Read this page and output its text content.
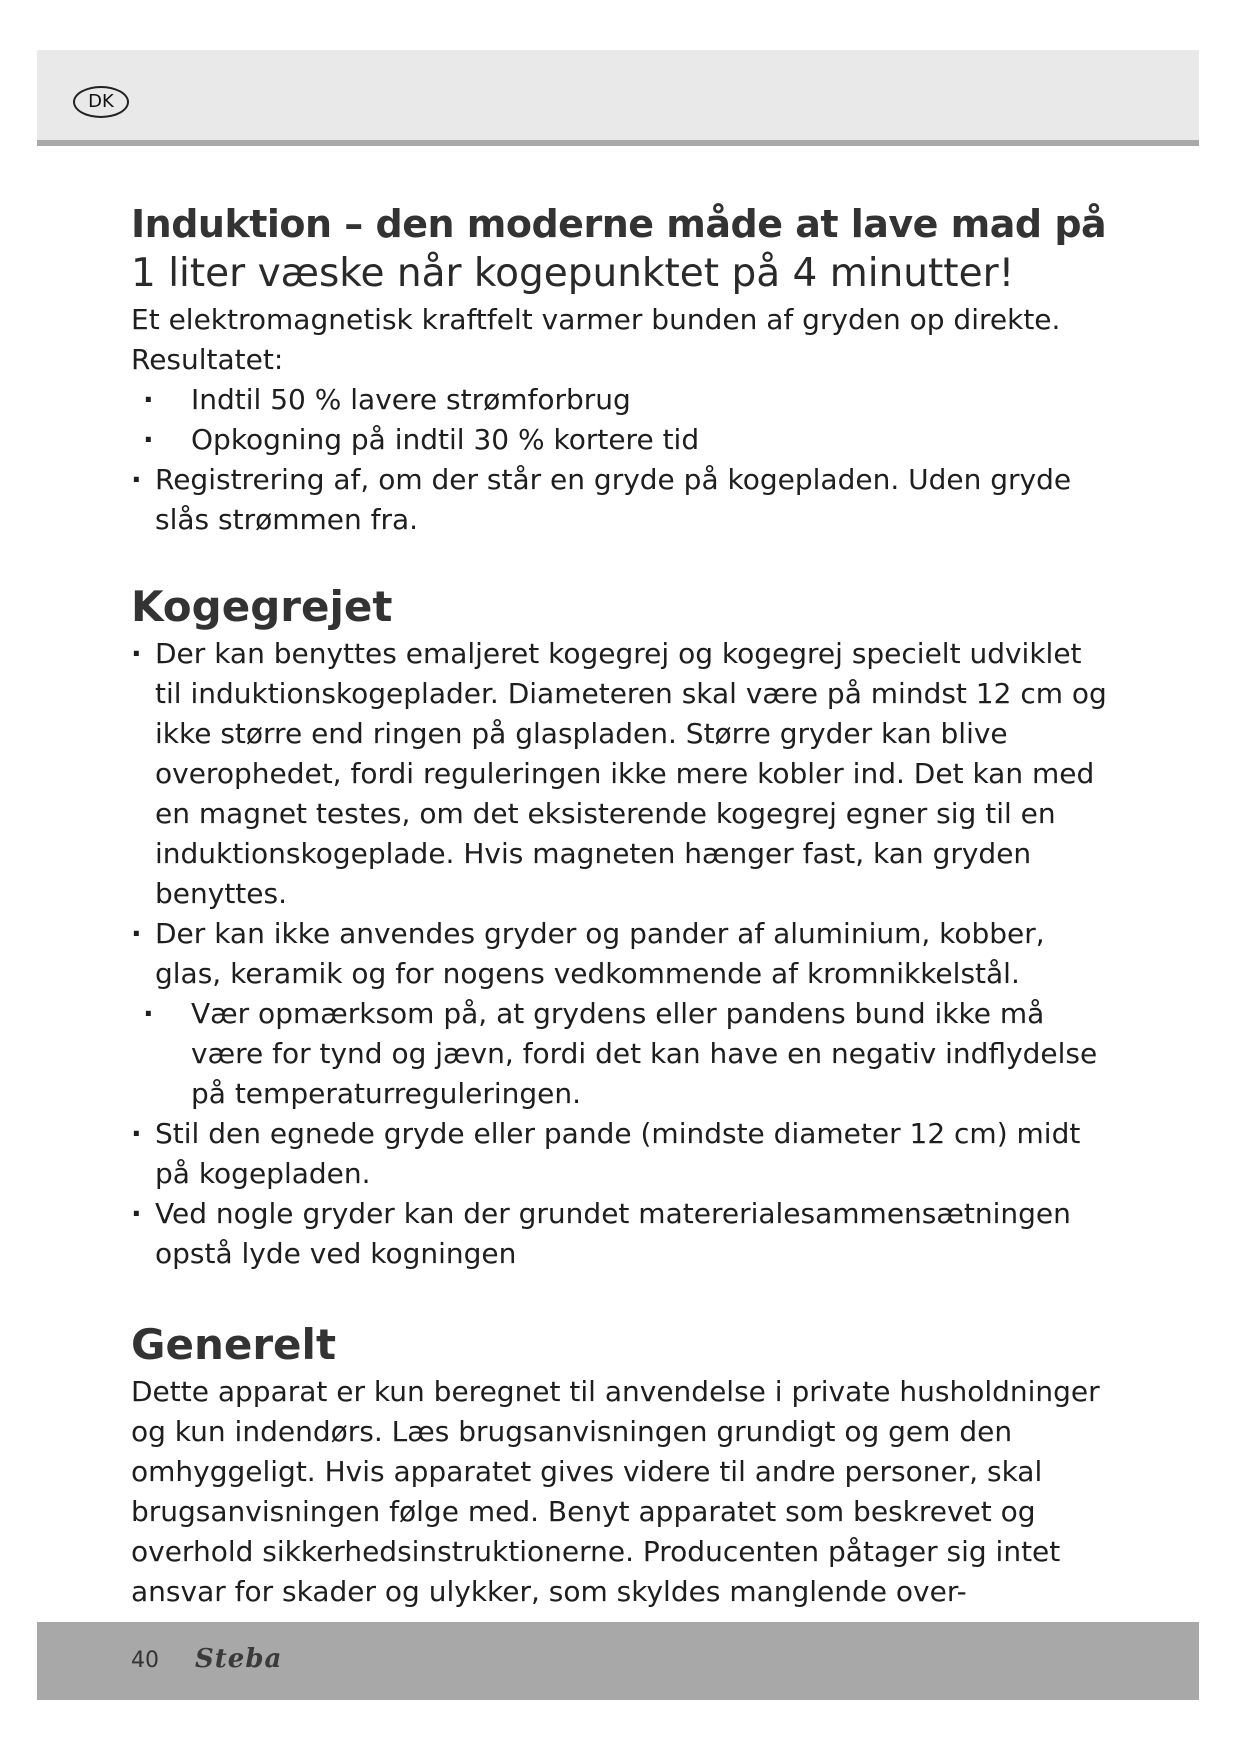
DK
Induktion – den moderne måde at lave mad på
1 liter væske når kogepunktet på 4 minutter!

Et elektromagnetisk kraftfelt varmer bunden af gryden op direkte. Resultatet:

· Indtil 50 % lavere strømforbrug
· Opkogning på indtil 30 % kortere tid
· Registrering af, om der står en gryde på kogepladen. Uden gryde slås strømmen fra.
Kogegrejet
· Der kan benyttes emaljeret kogegrej og kogegrej specielt udviklet til induktionskogeplader. Diameteren skal være på mindst 12 cm og ikke større end ringen på glaspladen. Større gryder kan blive overophedet, fordi reguleringen ikke mere kobler ind. Det kan med en magnet testes, om det eksisterende kogegrej egner sig til en induktionskogeplade. Hvis magneten hænger fast, kan gryden benyttes.
· Der kan ikke anvendes gryder og pander af aluminium, kobber, glas, keramik og for nogens vedkommende af kromnikkelstål.
· Vær opmærksom på, at grydens eller pandens bund ikke må være for tynd og jævn, fordi det kan have en negativ indflydelse på temperaturreguleringen.
· Stil den egnede gryde eller pande (mindste diameter 12 cm) midt på kogepladen.
· Ved nogle gryder kan der grundet matererialesammensætningen opstå lyde ved kogningen
Generelt

Dette apparat er kun beregnet til anvendelse i private husholdninger og kun indendørs. Læs brugsanvisningen grundigt og gem den omhyggeligt. Hvis apparatet gives videre til andre personer, skal brugsanvisningen følge med. Benyt apparatet som beskrevet og overhold sikkerhedsinstruktionerne. Producenten påtager sig intet ansvar for skader og ulykker, som skyldes manglende over-

40 Steba
